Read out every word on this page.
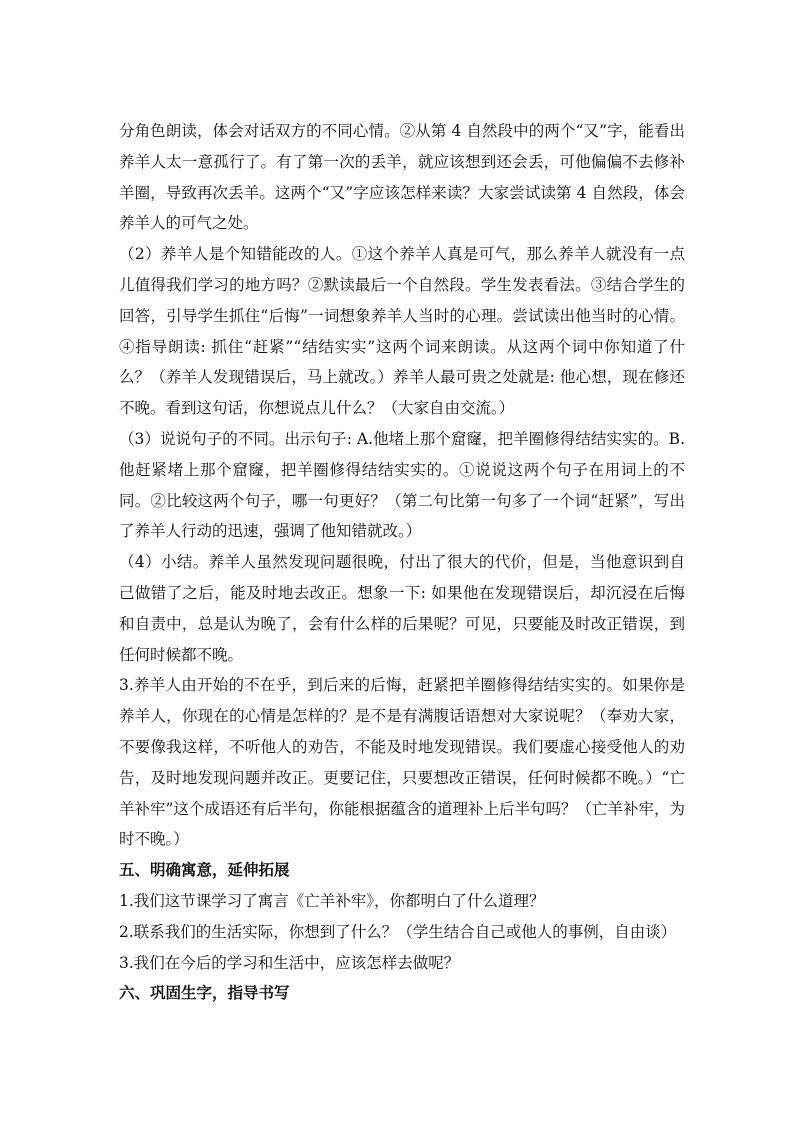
分角色朗读，体会对话双方的不同心情。②从第 4 自然段中的两个“又”字，能看出养羊人太一意孤行了。有了第一次的丢羊，就应该想到还会丢，可他偏偏不去修补羊圈，导致再次丢羊。这两个“又”字应该怎样来读？大家尝试读第 4 自然段，体会养羊人的可气之处。

（2）养羊人是个知错能改的人。①这个养羊人真是可气，那么养羊人就没有一点儿值得我们学习的地方吗？②默读最后一个自然段。学生发表看法。③结合学生的回答，引导学生抓住“后悔”一词想象养羊人当时的心理。尝试读出他当时的心情。④指导朗读: 抓住“赶紧”“结结实实”这两个词来朗读。从这两个词中你知道了什么？（养羊人发现错误后，马上就改。）养羊人最可贵之处就是: 他心想，现在修还不晚。看到这句话，你想说点儿什么？（大家自由交流。）

（3）说说句子的不同。出示句子: A.他堵上那个窟窿，把羊圈修得结结实实的。B.他赶紧堵上那个窟窿，把羊圈修得结结实实的。①说说这两个句子在用词上的不同。②比较这两个句子，哪一句更好？（第二句比第一句多了一个词“赶紧”，写出了养羊人行动的迅速，强调了他知错就改。）

（4）小结。养羊人虽然发现问题很晚，付出了很大的代价，但是，当他意识到自己做错了之后，能及时地去改正。想象一下: 如果他在发现错误后，却沉浸在后悔和自责中，总是认为晚了，会有什么样的后果呢？可见，只要能及时改正错误，到任何时候都不晚。

3.养羊人由开始的不在乎，到后来的后悔，赶紧把羊圈修得结结实实的。如果你是养羊人，你现在的心情是怎样的？是不是有满腹话语想对大家说呢？（奉劝大家，不要像我这样，不听他人的劝告，不能及时地发现错误。我们要虚心接受他人的劝告，及时地发现问题并改正。更要记住，只要想改正错误，任何时候都不晚。）“亡羊补牢”这个成语还有后半句，你能根据蕴含的道理补上后半句吗？（亡羊补牢，为时不晚。）

五、明确寓意，延伸拓展

1.我们这节课学习了寓言《亡羊补牢》，你都明白了什么道理？

2.联系我们的生活实际，你想到了什么？（学生结合自己或他人的事例，自由谈）

3.我们在今后的学习和生活中，应该怎样去做呢？

六、巩固生字，指导书写
